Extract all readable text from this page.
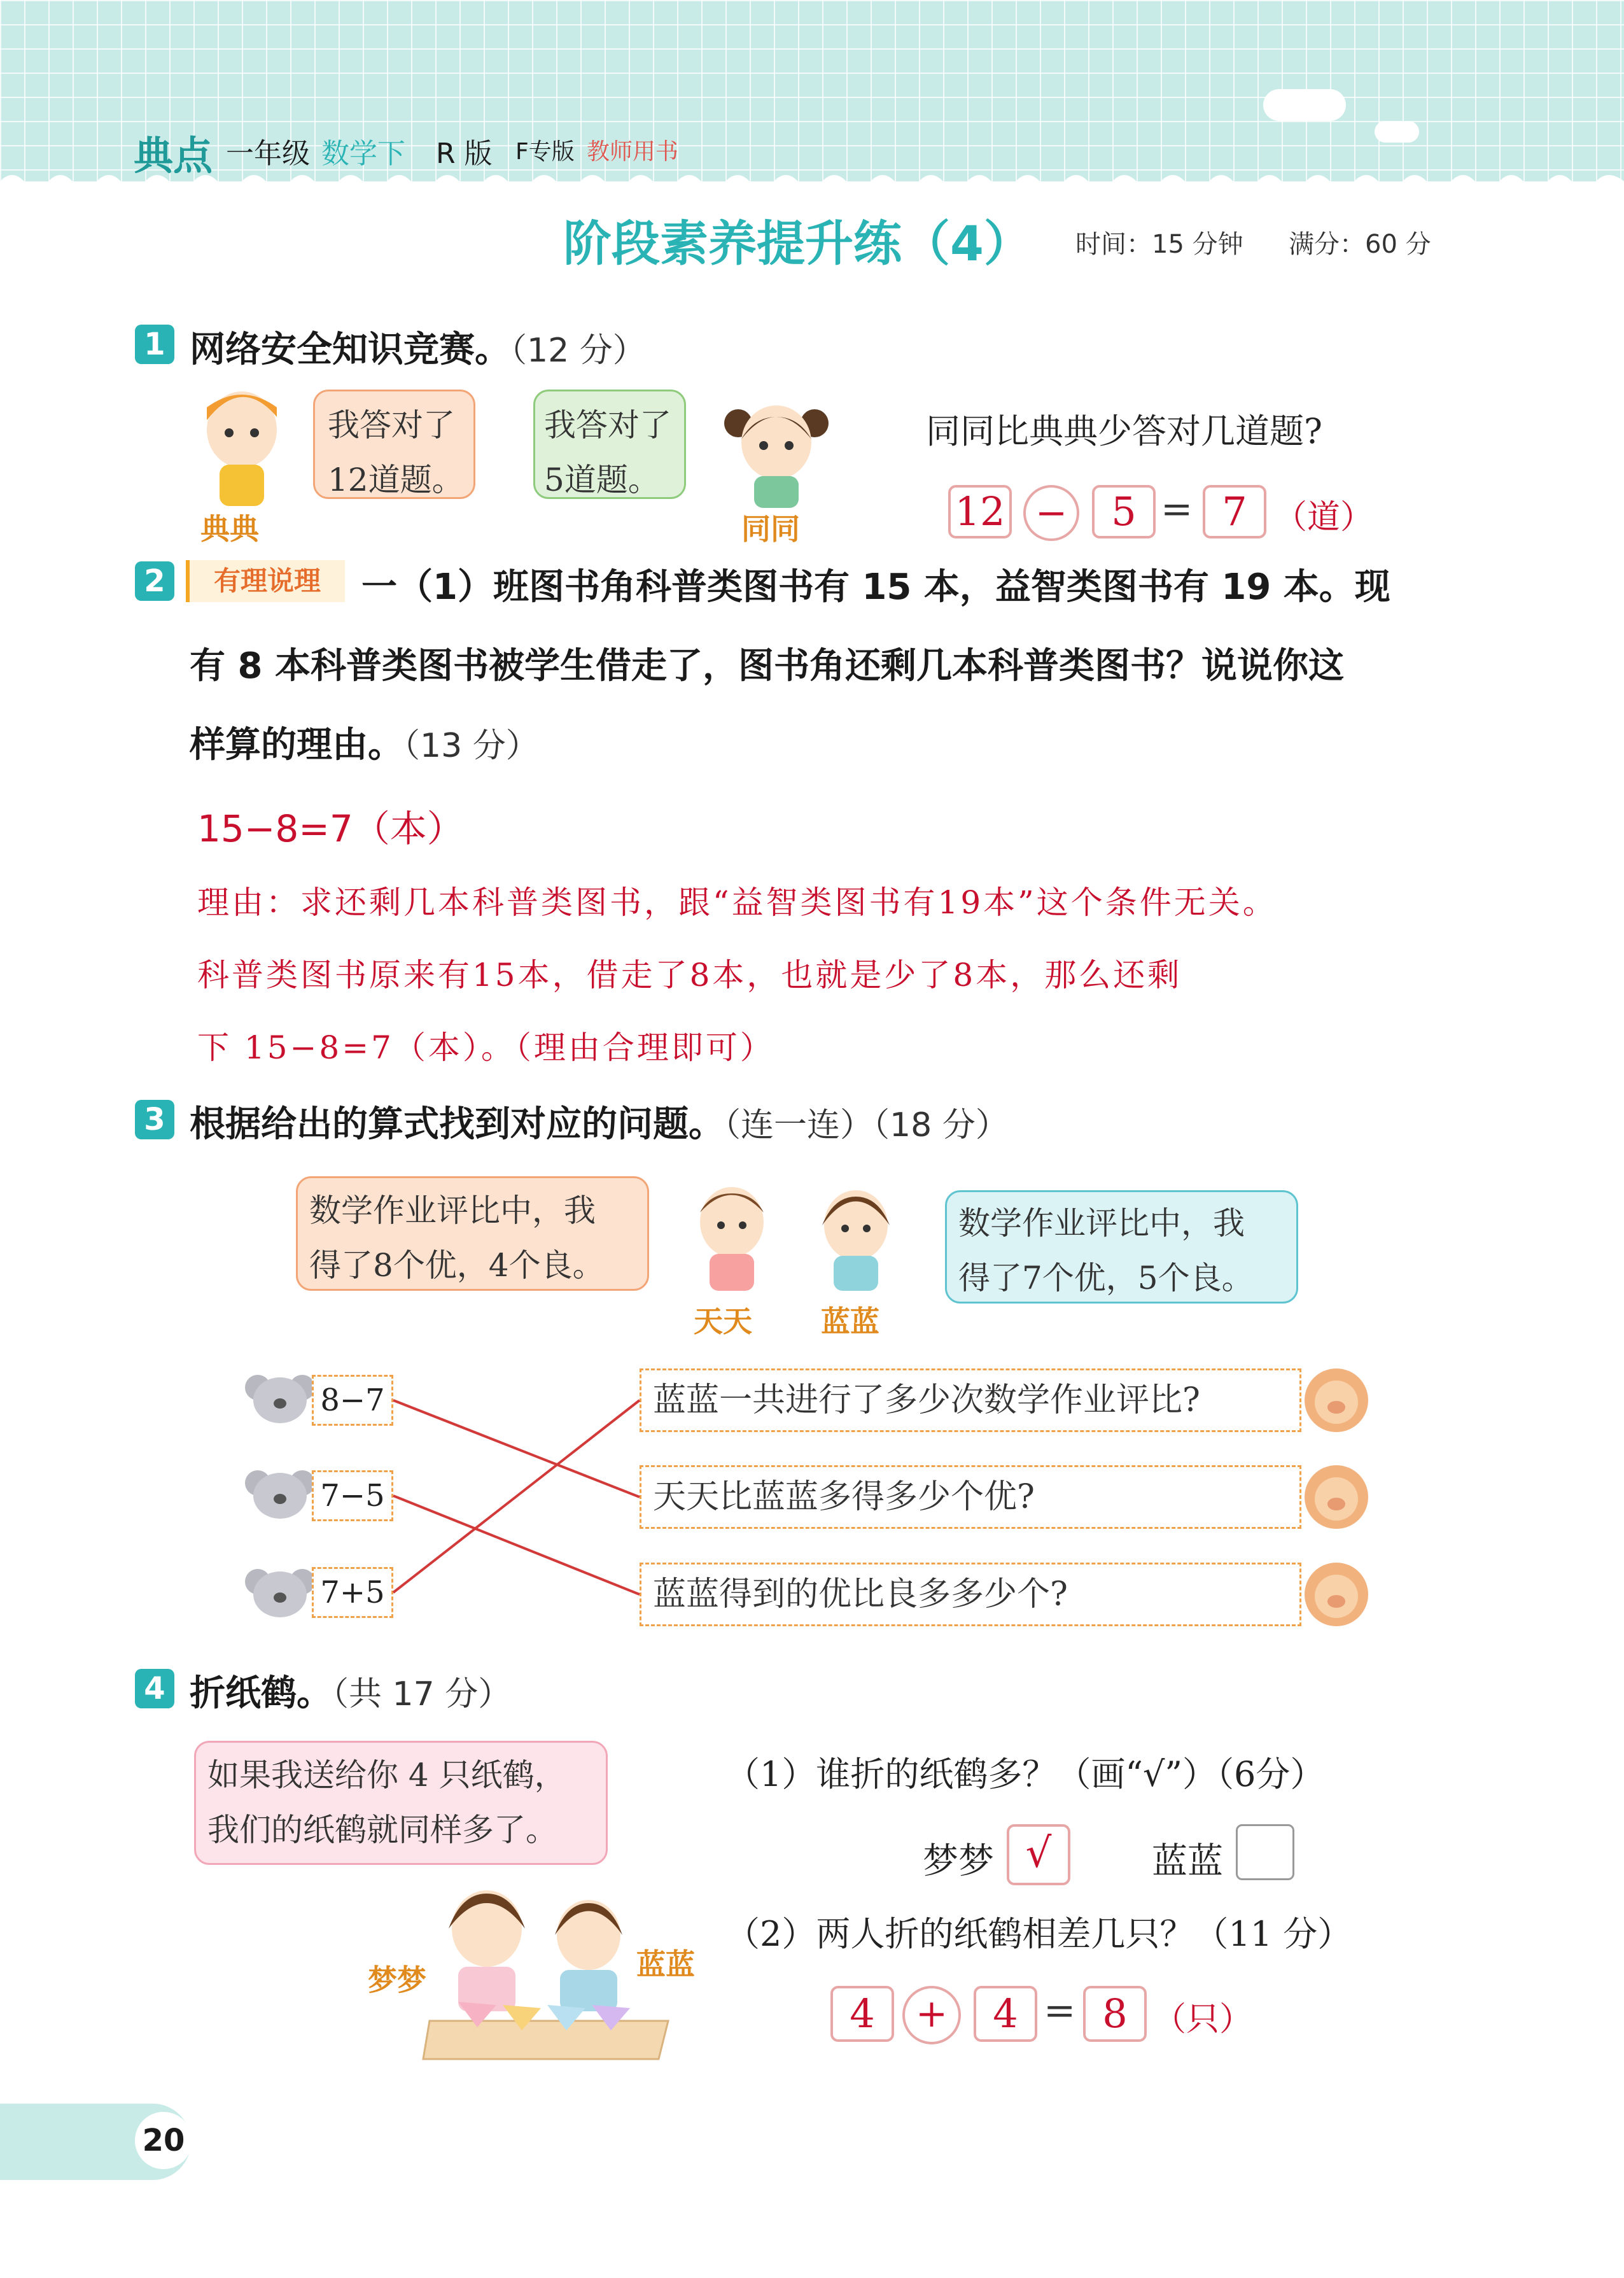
典点 一年级 数学下 R 版 F专版 教师用书
阶段素养提升练（4） 时间：15 分钟 满分：60 分
1 网络安全知识竞赛。（12 分）
我答对了
12道题。
典典
我答对了
5道题。
同同
同同比典典少答对几道题?
12 −	5 = 7 （道）
2	有理说理	一（1）班图书角科普类图书有 15 本，益智类图书有 19 本。现
有 8 本科普类图书被学生借走了，图书角还剩几本科普类图书？说说你这
样算的理由。（13 分）
15−8=7（本）
理由：求还剩几本科普类图书，跟“益智类图书有19本”这个条件无关。
科普类图书原来有15本，借走了8本，也就是少了8本，那么还剩
下 15−8=7（本）。（理由合理即可）
3 根据给出的算式找到对应的问题。（连一连）（18 分）
数学作业评比中，我
得了8个优，4个良。
数学作业评比中，我
得了7个优，5个良。
天天 蓝蓝
8−7
7−5
7+5
蓝蓝一共进行了多少次数学作业评比?
天天比蓝蓝多得多少个优?
蓝蓝得到的优比良多多少个?
4 折纸鹤。（共 17 分）
如果我送给你 4 只纸鹤，
我们的纸鹤就同样多了。
梦梦	蓝蓝
（1）谁折的纸鹤多？（画“√”）（6分）
梦梦 √	蓝蓝
（2）两人折的纸鹤相差几只？（11 分）
4	+	4 = 8 （只）
20
